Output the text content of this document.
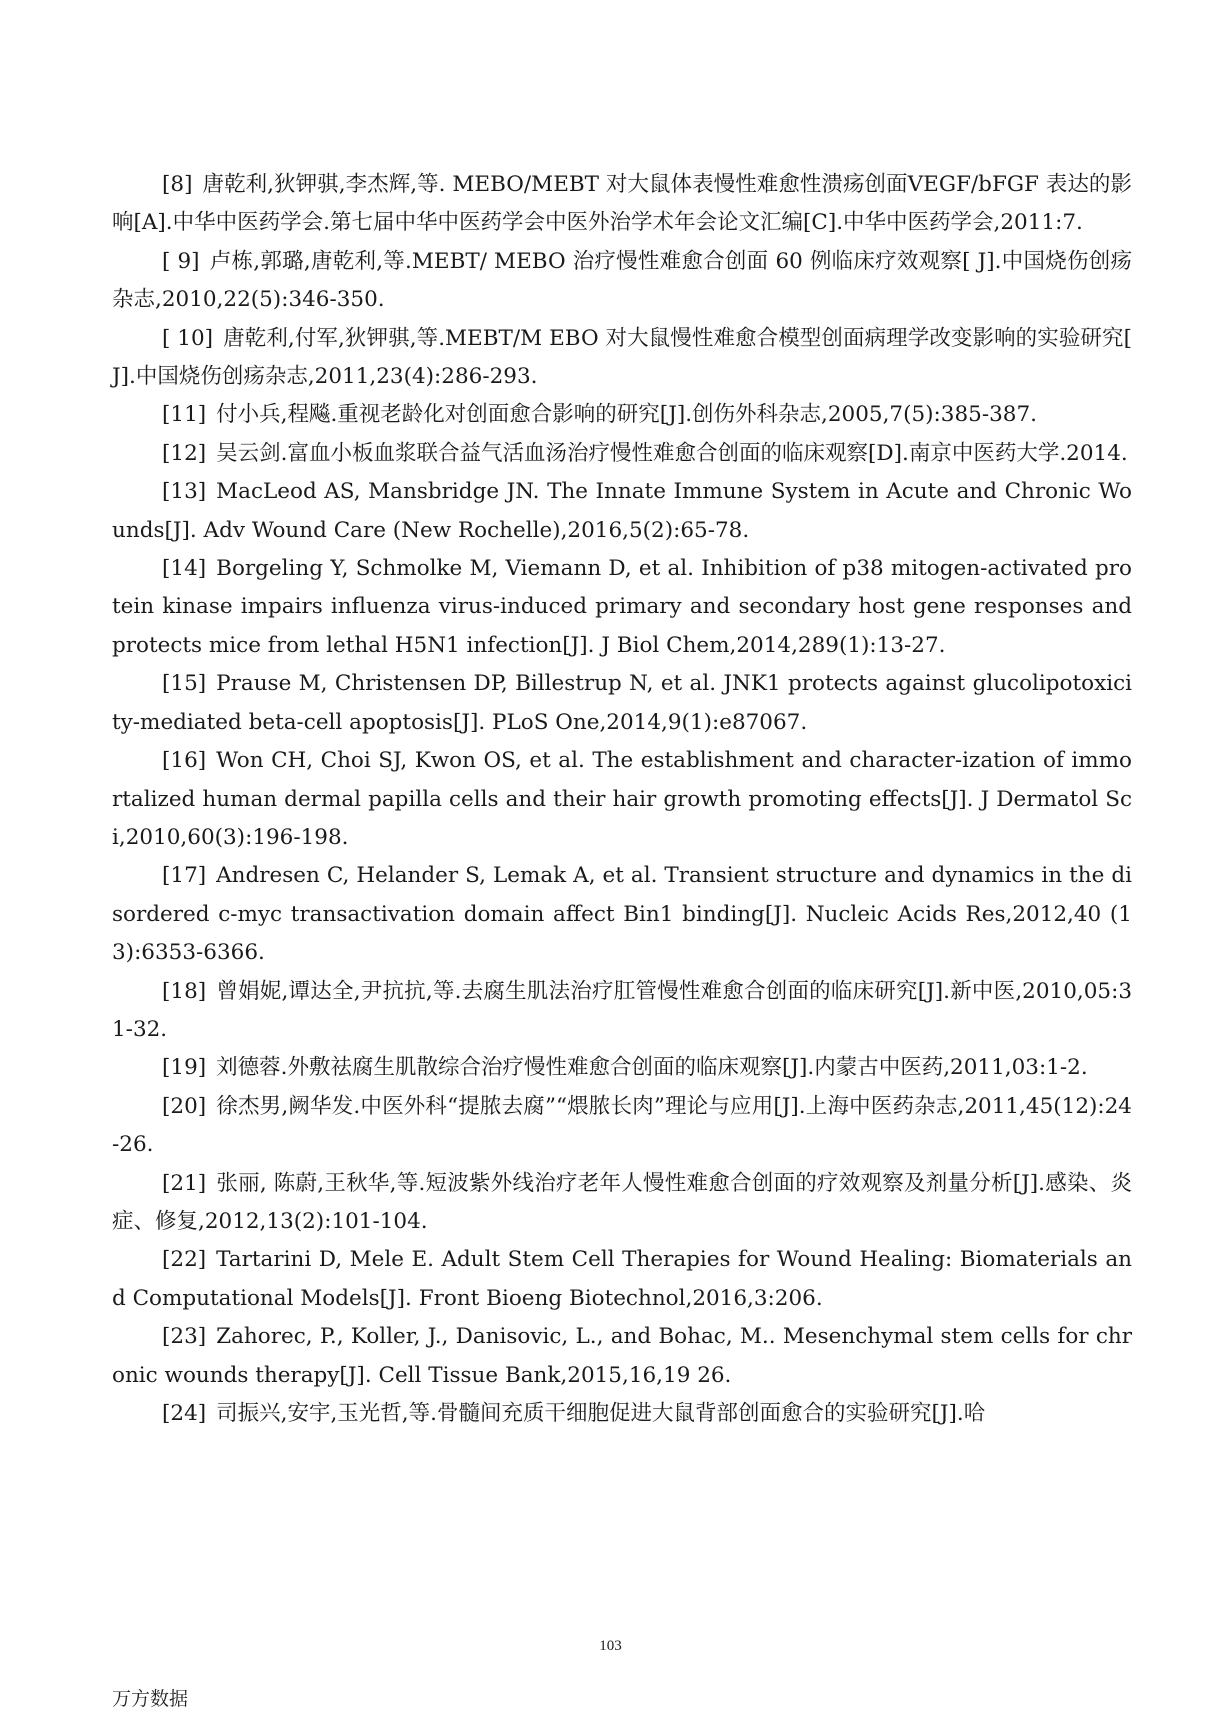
[8] 唐乾利,狄钾骐,李杰辉,等. MEBO/MEBT 对大鼠体表慢性难愈性溃疡创面VEGF/bFGF 表达的影响[A].中华中医药学会.第七届中华中医药学会中医外治学术年会论文汇编[C].中华中医药学会,2011:7.

[ 9] 卢栋,郭璐,唐乾利,等.MEBT/ MEBO 治疗慢性难愈合创面 60 例临床疗效观察[ J].中国烧伤创疡杂志,2010,22(5):346-350.

[ 10] 唐乾利,付军,狄钾骐,等.MEBT/M EBO 对大鼠慢性难愈合模型创面病理学改变影响的实验研究[ J].中国烧伤创疡杂志,2011,23(4):286-293.

[11] 付小兵,程飚.重视老龄化对创面愈合影响的研究[J].创伤外科杂志,2005,7(5):385-387.

[12] 吴云剑.富血小板血浆联合益气活血汤治疗慢性难愈合创面的临床观察[D].南京中医药大学.2014.

[13] MacLeod AS, Mansbridge JN. The Innate Immune System in Acute and Chronic Wounds[J]. Adv Wound Care (New Rochelle),2016,5(2):65-78.

[14] Borgeling Y, Schmolke M, Viemann D, et al. Inhibition of p38 mitogen-activated protein kinase impairs influenza virus-induced primary and secondary host gene responses and protects mice from lethal H5N1 infection[J]. J Biol Chem,2014,289(1):13-27.

[15] Prause M, Christensen DP, Billestrup N, et al. JNK1 protects against glucolipotoxicity-mediated beta-cell apoptosis[J]. PLoS One,2014,9(1):e87067.

[16] Won CH, Choi SJ, Kwon OS, et al. The establishment and character-ization of immortalized human dermal papilla cells and their hair growth promoting effects[J]. J Dermatol Sci,2010,60(3):196-198.

[17] Andresen C, Helander S, Lemak A, et al. Transient structure and dynamics in the disordered c-myc transactivation domain affect Bin1 binding[J]. Nucleic Acids Res,2012,40 (13):6353-6366.

[18] 曾娟妮,谭达全,尹抗抗,等.去腐生肌法治疗肛管慢性难愈合创面的临床研究[J].新中医,2010,05:31-32.

[19] 刘德蓉.外敷祛腐生肌散综合治疗慢性难愈合创面的临床观察[J].内蒙古中医药,2011,03:1-2.

[20] 徐杰男,阙华发.中医外科“提脓去腐”“煨脓长肉”理论与应用[J].上海中医药杂志,2011,45(12):24-26.

[21] 张丽, 陈蔚,王秋华,等.短波紫外线治疗老年人慢性难愈合创面的疗效观察及剂量分析[J].感染、炎症、修复,2012,13(2):101-104.

[22] Tartarini D, Mele E. Adult Stem Cell Therapies for Wound Healing: Biomaterials and Computational Models[J]. Front Bioeng Biotechnol,2016,3:206.

[23] Zahorec, P., Koller, J., Danisovic, L., and Bohac, M.. Mesenchymal stem cells for chronic wounds therapy[J]. Cell Tissue Bank,2015,16,19 26.

[24] 司振兴,安宇,玉光哲,等.骨髓间充质干细胞促进大鼠背部创面愈合的实验研究[J].哈

103
万方数据
